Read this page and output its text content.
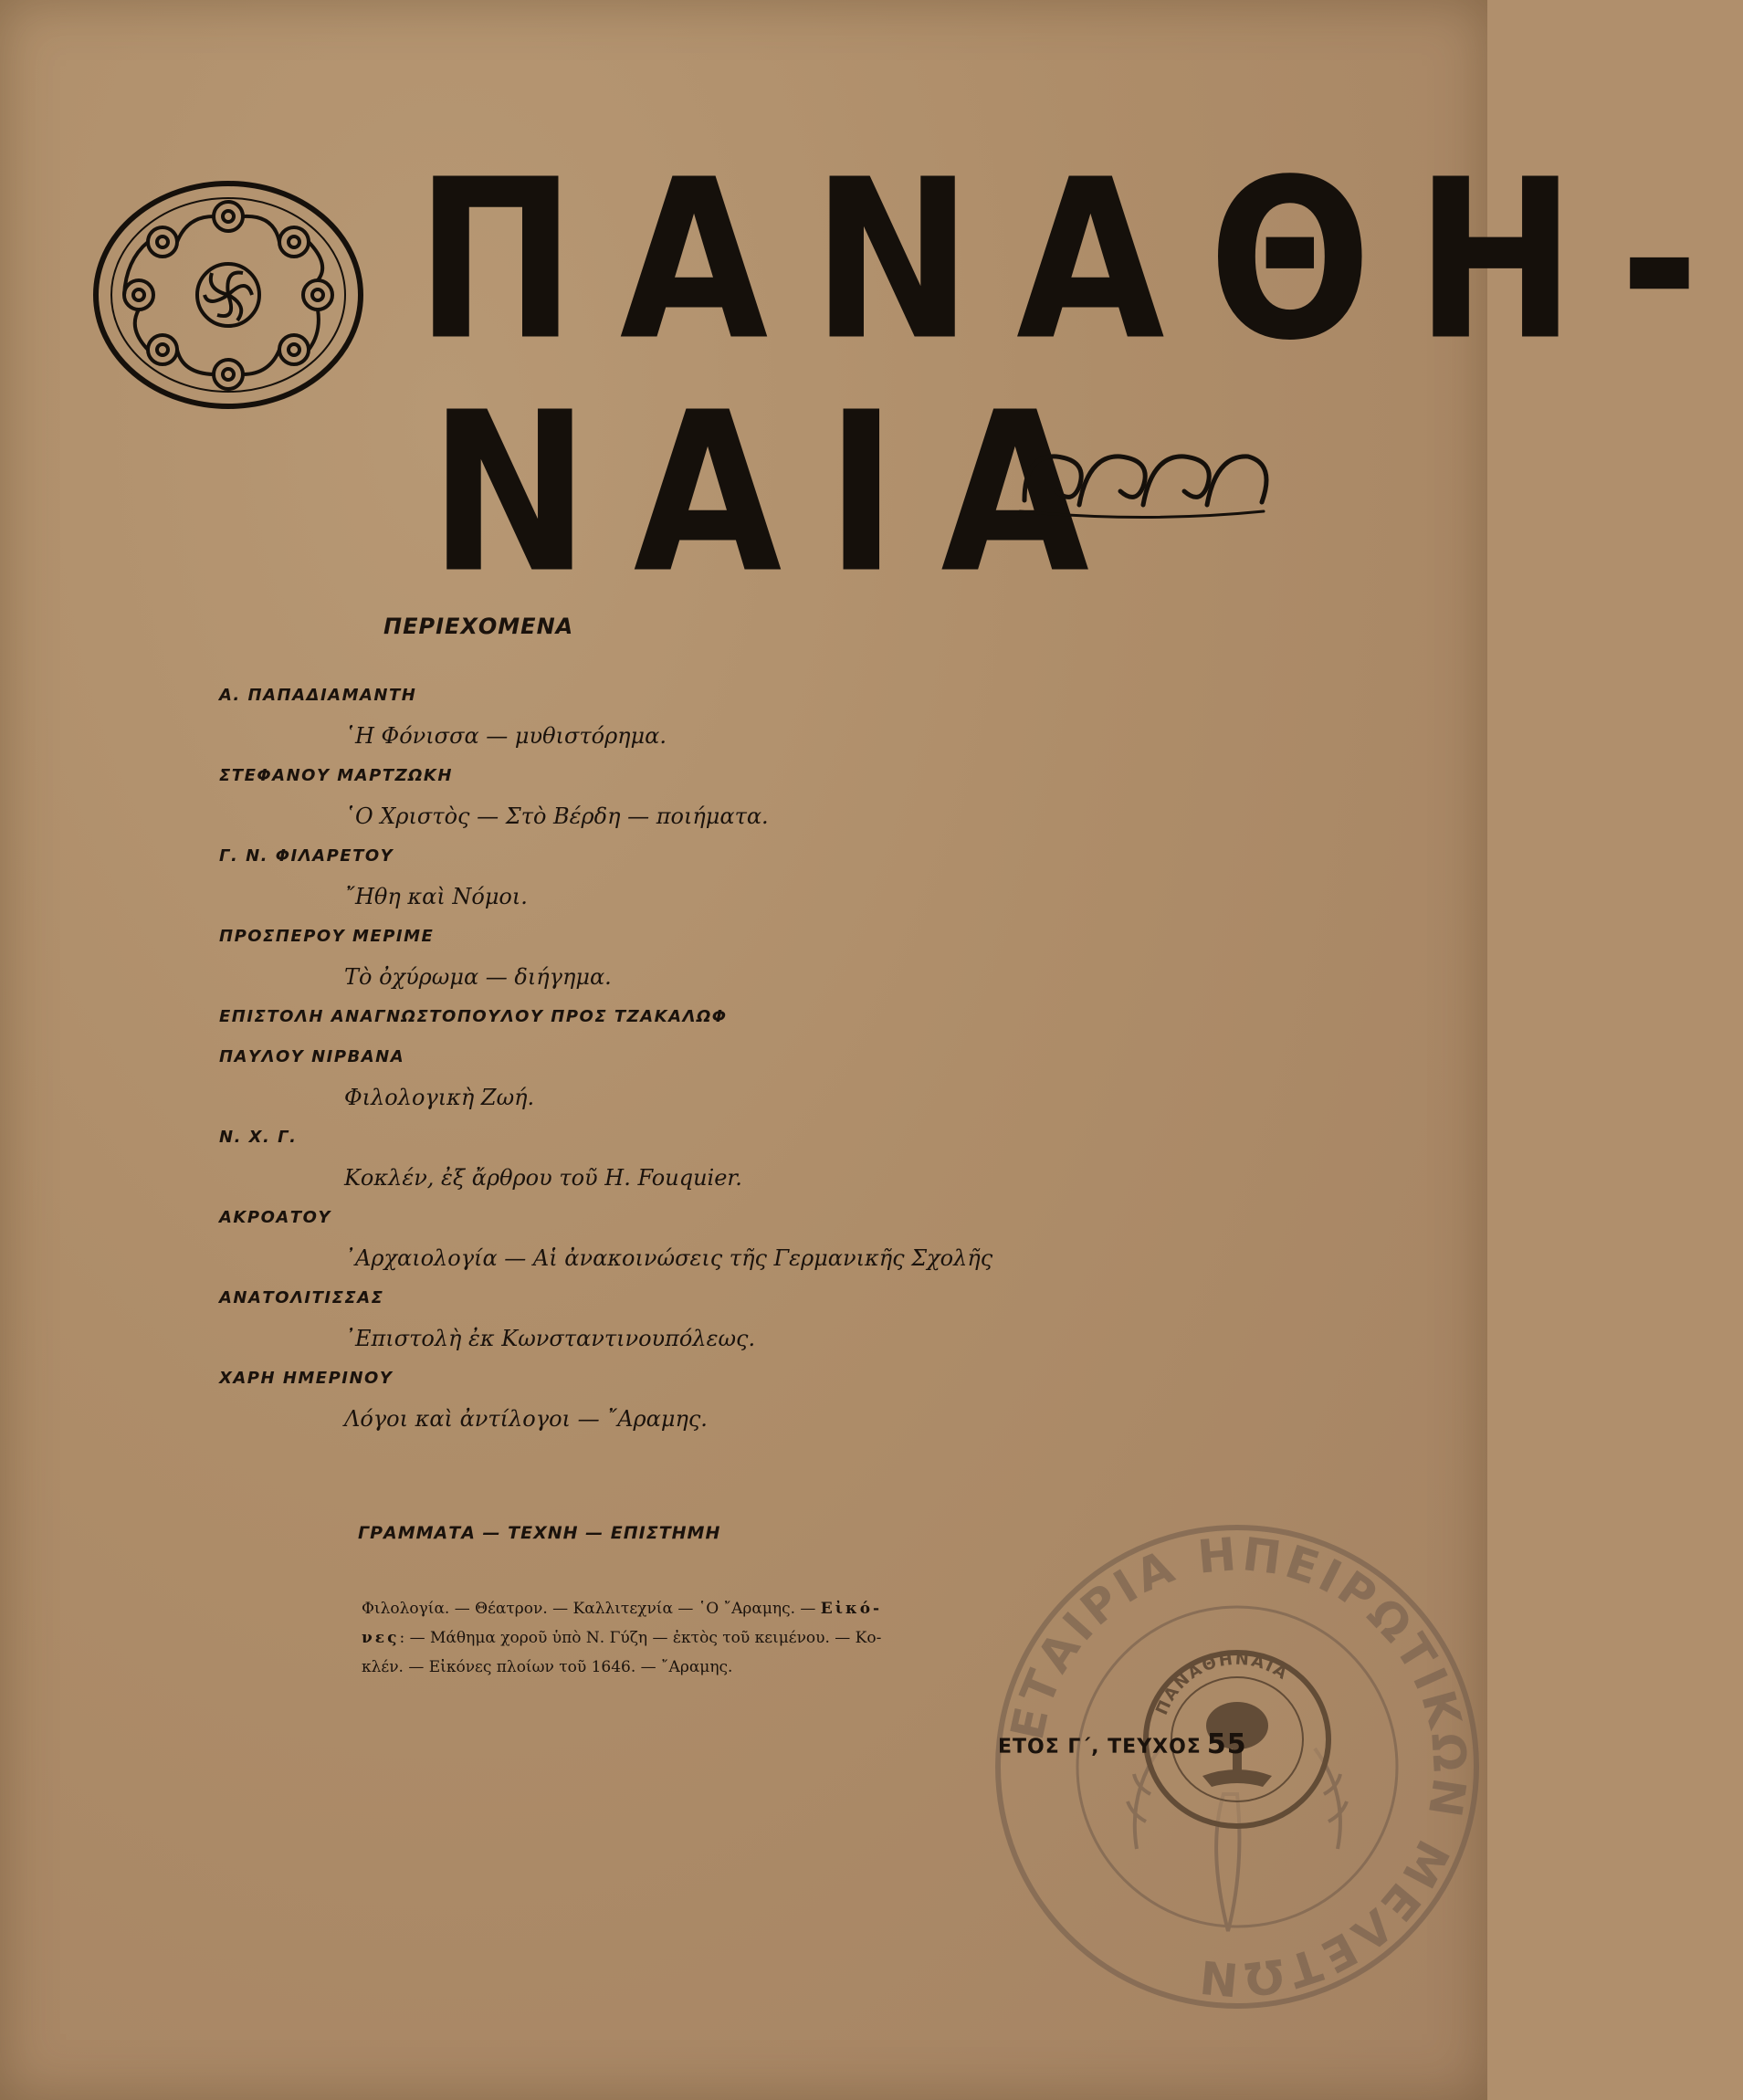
ΠΑΝΑΘΗ-
ΝΑΙΑ
ΠΕΡΙΕΧΟΜΕΝΑ
Α. ΠΑΠΑΔΙΑΜΑΝΤΗ
῾Η Φόνισσα — μυθιστόρημα.
ΣΤΕΦΑΝΟΥ ΜΑΡΤΖΩΚΗ
῾Ο Χριστὸς — Στὸ Βέρδη — ποιήματα.
Γ. Ν. ΦΙΛΑΡΕΤΟΥ
῎Ηθη καὶ Νόμοι.
ΠΡΟΣΠΕΡΟΥ ΜΕΡΙΜΕ
Τὸ ὀχύρωμα — διήγημα.
ΕΠΙΣΤΟΛΗ ΑΝΑΓΝΩΣΤΟΠΟΥΛΟΥ ΠΡΟΣ ΤΖΑΚΑΛΩΦ
ΠΑΥΛΟΥ ΝΙΡΒΑΝΑ
Φιλολογικὴ Ζωή.
Ν. Χ. Γ.
Κοκλέν, ἐξ ἄρθρου τοῦ H. Fouquier.
ΑΚΡΟΑΤΟΥ
᾿Αρχαιολογία — Αἱ ἀνακοινώσεις τῆς Γερμανικῆς Σχολῆς
ΑΝΑΤΟΛΙΤΙΣΣΑΣ
᾿Επιστολὴ ἐκ Κωνσταντινουπόλεως.
ΧΑΡΗ ΗΜΕΡΙΝΟΥ
Λόγοι καὶ ἀντίλογοι — ῎Αραμης.
ΓΡΑΜΜΑΤΑ — ΤΕΧΝΗ — ΕΠΙΣΤΗΜΗ
Φιλολογία. — Θέατρον. — Καλλιτεχνία — ῾Ο ῎Αραμης. — Εἰκό-
νες: — Μάθημα χοροῦ ὑπὸ Ν. Γύζη — ἐκτὸς τοῦ κειμένου. — Κο-
κλέν. — Εἰκόνες πλοίων τοῦ 1646. — ῎Αραμης.
ΕΤΑΙΡΙΑ ΗΠΕΙΡΩΤΙΚΩΝ ΜΕΛΕΤΩΝ
ΠΑΝΑΘΗΝΑΙΑ
ΕΤΟΣ Γ΄, ΤΕΥΧΟΣ 55
